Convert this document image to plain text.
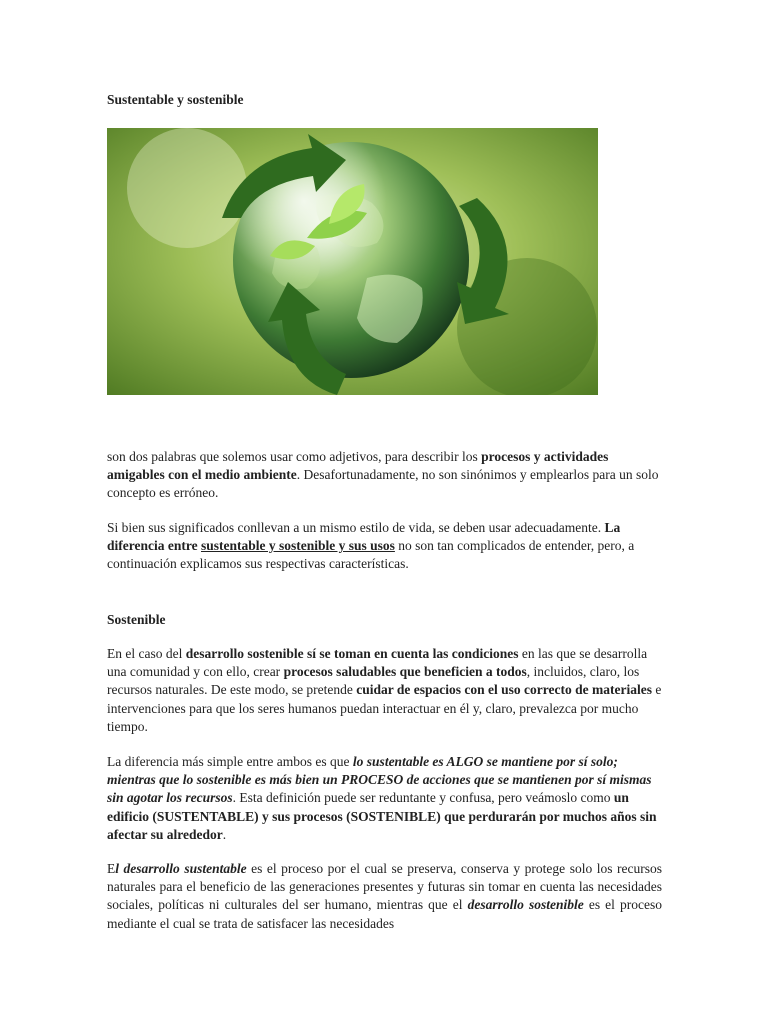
Sustentable y sostenible

son dos palabras que solemos usar como adjetivos, para describir los procesos y actividades amigables con el medio ambiente. Desafortunadamente, no son sinónimos y emplearlos para un solo concepto es erróneo.

Si bien sus significados conllevan a un mismo estilo de vida, se deben usar adecuadamente. La diferencia entre sustentable y sostenible y sus usos no son tan complicados de entender, pero, a continuación explicamos sus respectivas características.

Sostenible

En el caso del desarrollo sostenible sí se toman en cuenta las condiciones en las que se desarrolla una comunidad y con ello, crear procesos saludables que beneficien a todos, incluidos, claro, los recursos naturales. De este modo, se pretende cuidar de espacios con el uso correcto de materiales e intervenciones para que los seres humanos puedan interactuar en él y, claro, prevalezca por mucho tiempo.

La diferencia más simple entre ambos es que lo sustentable es ALGO se mantiene por sí solo; mientras que lo sostenible es más bien un PROCESO de acciones que se mantienen por sí mismas sin agotar los recursos. Esta definición puede ser reduntante y confusa, pero veámoslo como un edificio (SUSTENTABLE) y sus procesos (SOSTENIBLE) que perdurarán por muchos años sin afectar su alrededor.

El desarrollo sustentable es el proceso por el cual se preserva, conserva y protege solo los recursos naturales para el beneficio de las generaciones presentes y futuras sin tomar en cuenta las necesidades sociales, políticas ni culturales del ser humano, mientras que el desarrollo sostenible es el proceso mediante el cual se trata de satisfacer las necesidades
